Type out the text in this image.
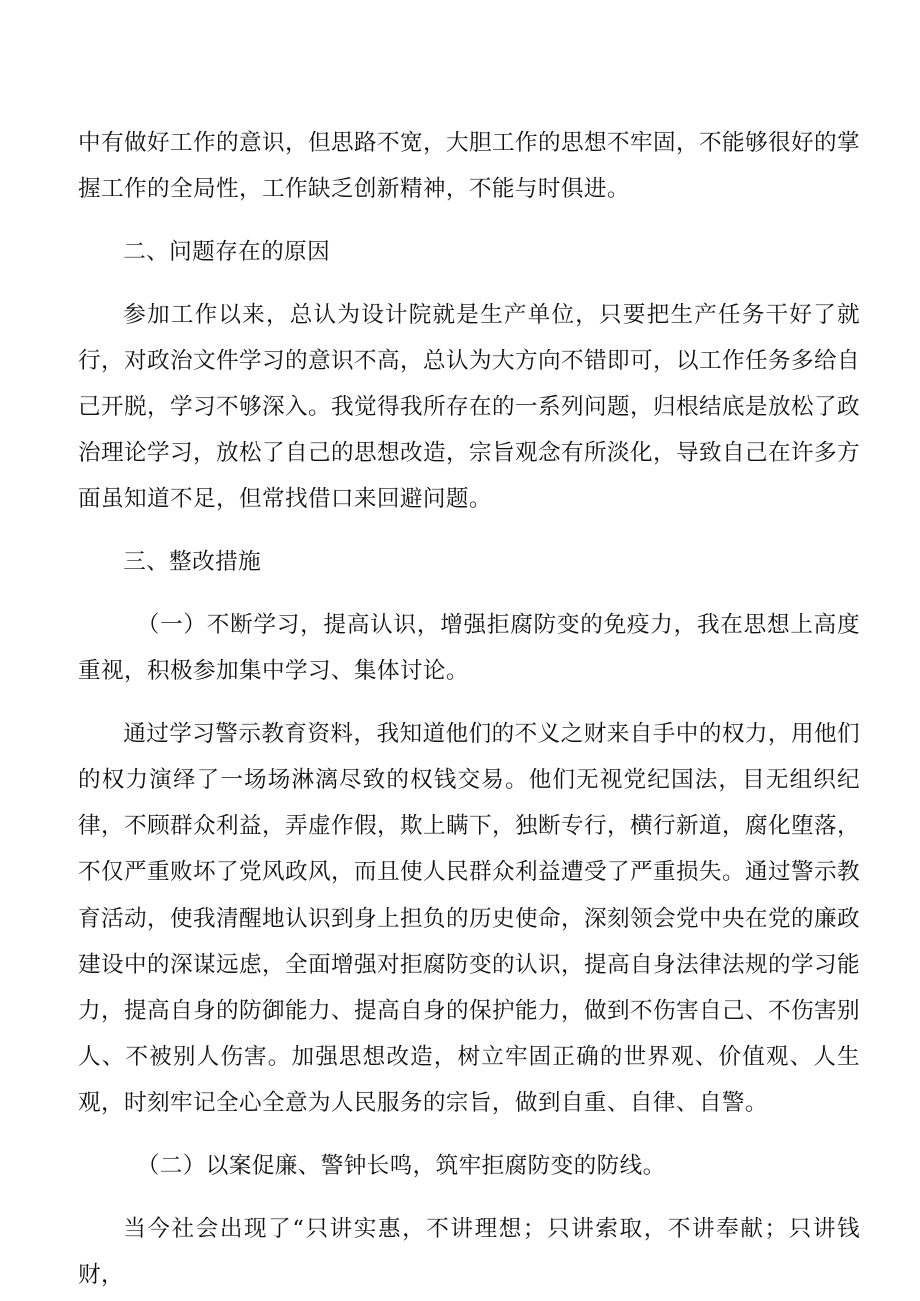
中有做好工作的意识，但思路不宽，大胆工作的思想不牢固，不能够很好的掌握工作的全局性，工作缺乏创新精神，不能与时俱进。

二、问题存在的原因

参加工作以来，总认为设计院就是生产单位，只要把生产任务干好了就行，对政治文件学习的意识不高，总认为大方向不错即可，以工作任务多给自己开脱，学习不够深入。我觉得我所存在的一系列问题，归根结底是放松了政治理论学习，放松了自己的思想改造，宗旨观念有所淡化，导致自己在许多方面虽知道不足，但常找借口来回避问题。

三、整改措施

（一）不断学习，提高认识，增强拒腐防变的免疫力，我在思想上高度重视，积极参加集中学习、集体讨论。

通过学习警示教育资料，我知道他们的不义之财来自手中的权力，用他们的权力演绎了一场场淋漓尽致的权钱交易。他们无视党纪国法，目无组织纪律，不顾群众利益，弄虚作假，欺上瞒下，独断专行，横行新道，腐化堕落，不仅严重败坏了党风政风，而且使人民群众利益遭受了严重损失。通过警示教育活动，使我清醒地认识到身上担负的历史使命，深刻领会党中央在党的廉政建设中的深谋远虑，全面增强对拒腐防变的认识，提高自身法律法规的学习能力，提高自身的防御能力、提高自身的保护能力，做到不伤害自己、不伤害别人、不被别人伤害。加强思想改造，树立牢固正确的世界观、价值观、人生观，时刻牢记全心全意为人民服务的宗旨，做到自重、自律、自警。

（二）以案促廉、警钟长鸣，筑牢拒腐防变的防线。

当今社会出现了“只讲实惠，不讲理想；只讲索取，不讲奉献；只讲钱财，
